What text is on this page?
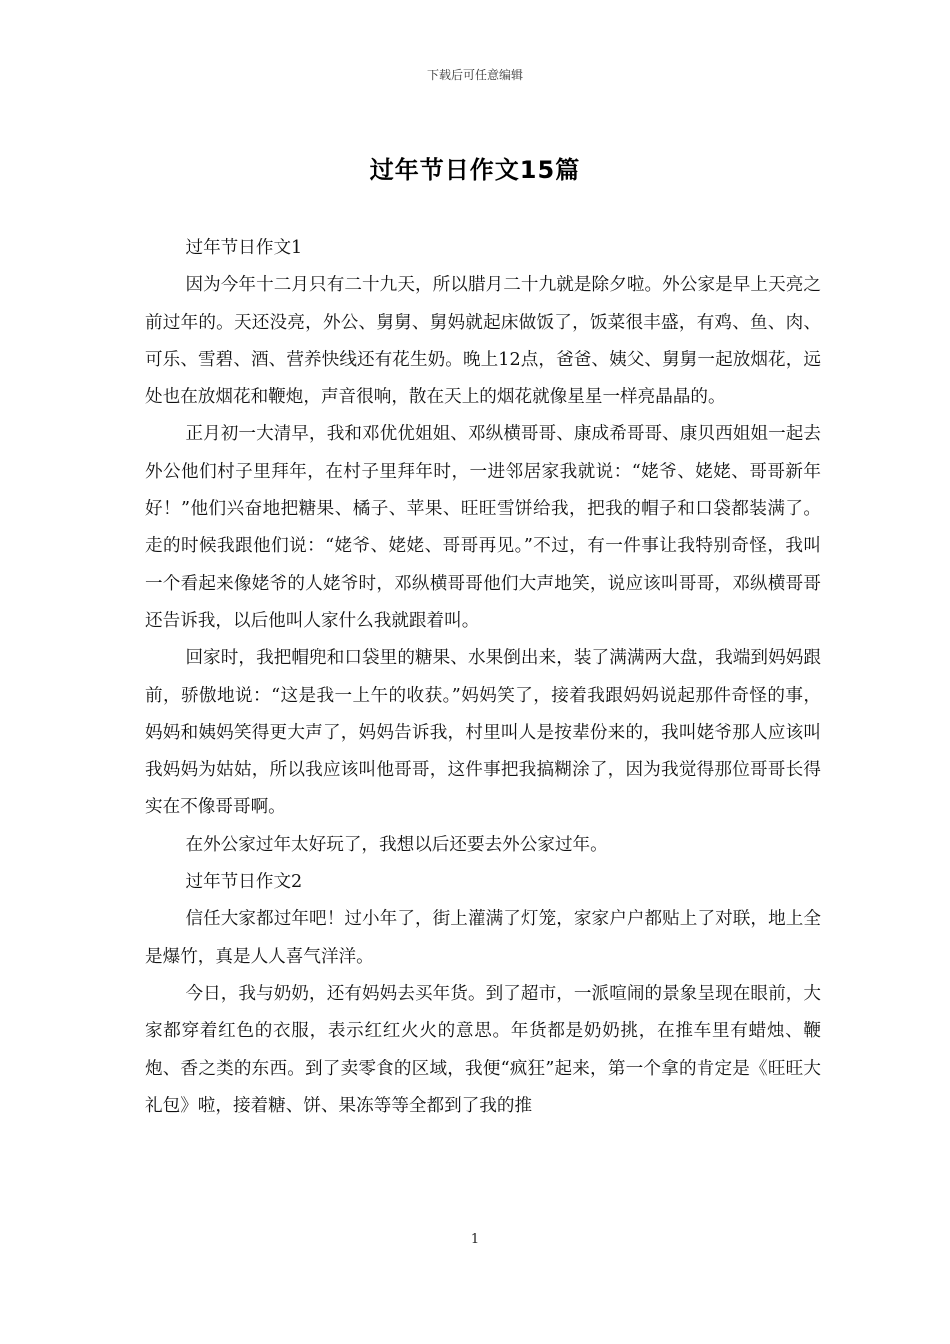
下载后可任意编辑
过年节日作文15篇

过年节日作文1

因为今年十二月只有二十九天，所以腊月二十九就是除夕啦。外公家是早上天亮之前过年的。天还没亮，外公、舅舅、舅妈就起床做饭了，饭菜很丰盛，有鸡、鱼、肉、可乐、雪碧、酒、营养快线还有花生奶。晚上12点，爸爸、姨父、舅舅一起放烟花，远处也在放烟花和鞭炮，声音很响，散在天上的烟花就像星星一样亮晶晶的。

正月初一大清早，我和邓优优姐姐、邓纵横哥哥、康成希哥哥、康贝西姐姐一起去外公他们村子里拜年，在村子里拜年时，一进邻居家我就说：“姥爷、姥姥、哥哥新年好！”他们兴奋地把糖果、橘子、苹果、旺旺雪饼给我，把我的帽子和口袋都装满了。走的时候我跟他们说：“姥爷、姥姥、哥哥再见。”不过，有一件事让我特别奇怪，我叫一个看起来像姥爷的人姥爷时，邓纵横哥哥他们大声地笑，说应该叫哥哥，邓纵横哥哥还告诉我，以后他叫人家什么我就跟着叫。

回家时，我把帽兜和口袋里的糖果、水果倒出来，装了满满两大盘，我端到妈妈跟前，骄傲地说：“这是我一上午的收获。”妈妈笑了，接着我跟妈妈说起那件奇怪的事，妈妈和姨妈笑得更大声了，妈妈告诉我，村里叫人是按辈份来的，我叫姥爷那人应该叫我妈妈为姑姑，所以我应该叫他哥哥，这件事把我搞糊涂了，因为我觉得那位哥哥长得实在不像哥哥啊。

在外公家过年太好玩了，我想以后还要去外公家过年。

过年节日作文2

信任大家都过年吧！过小年了，街上灌满了灯笼，家家户户都贴上了对联，地上全是爆竹，真是人人喜气洋洋。

今日，我与奶奶，还有妈妈去买年货。到了超市，一派喧闹的景象呈现在眼前，大家都穿着红色的衣服，表示红红火火的意思。年货都是奶奶挑，在推车里有蜡烛、鞭炮、香之类的东西。到了卖零食的区域，我便“疯狂”起来，第一个拿的肯定是《旺旺大礼包》啦，接着糖、饼、果冻等等全都到了我的推

1
